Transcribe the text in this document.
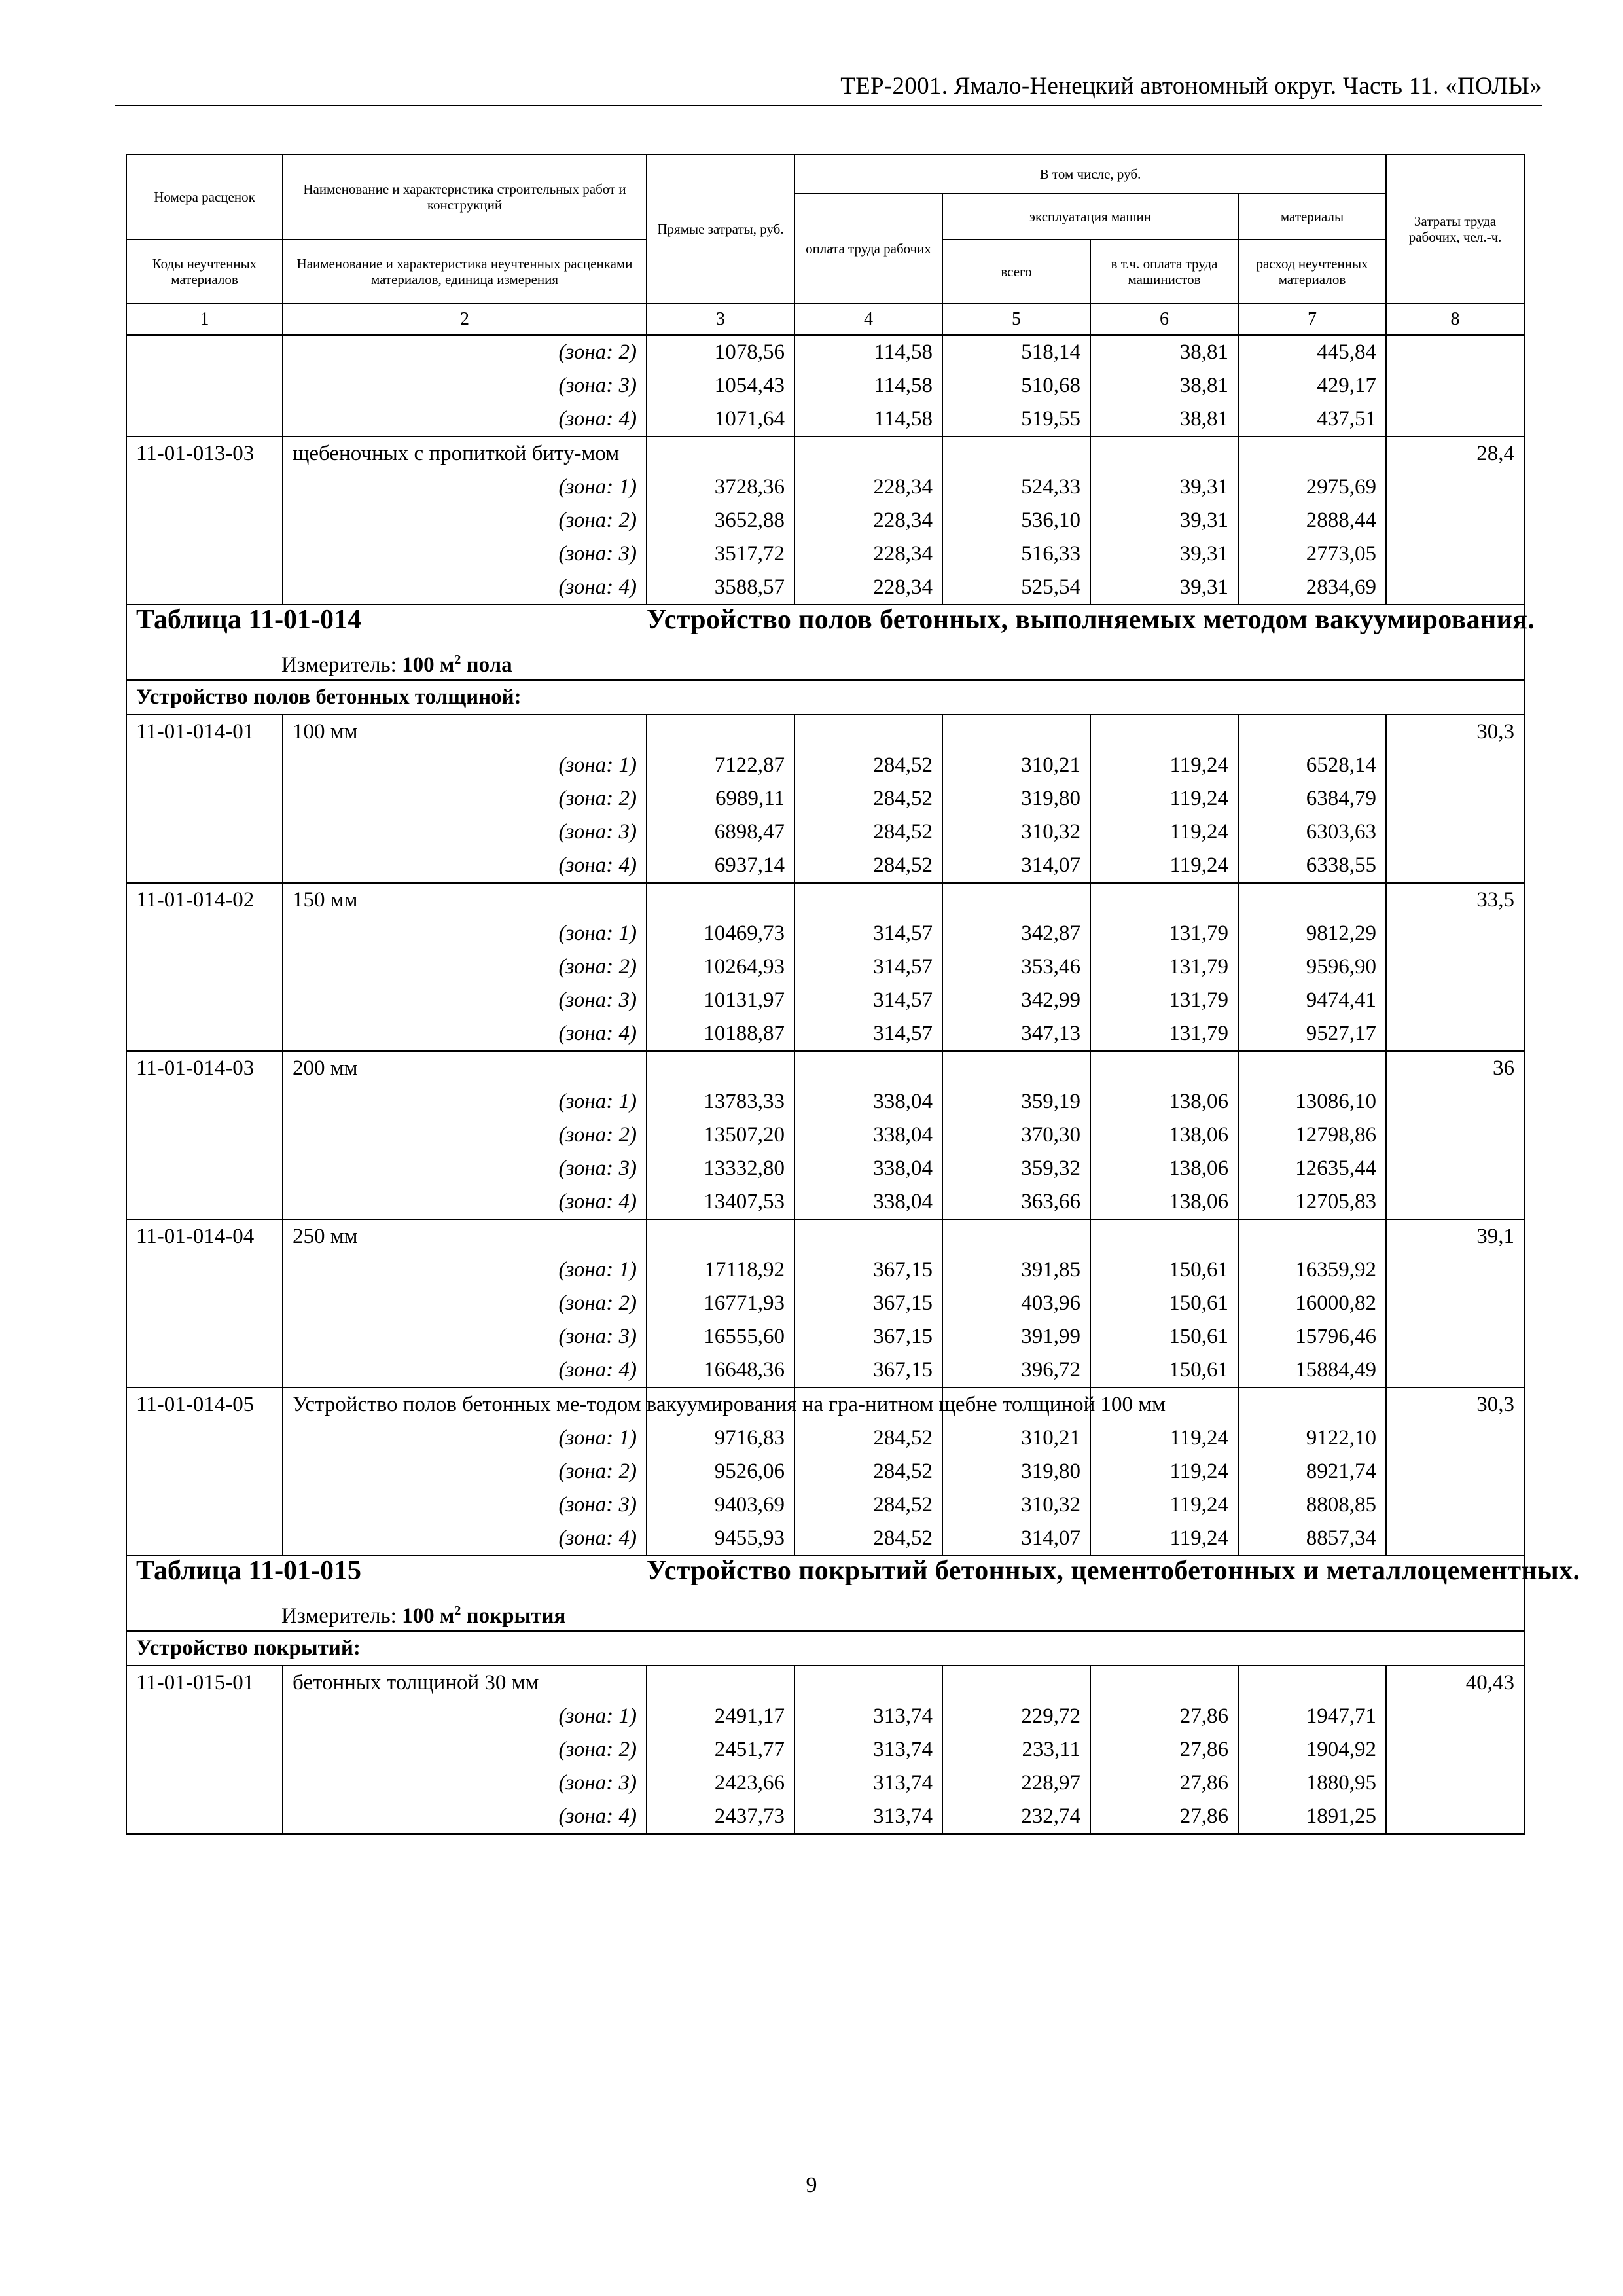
ТЕР-2001. Ямало-Ненецкий автономный округ. Часть 11. «ПОЛЫ»
Номера расценок	Наименование и характеристика строительных работ и конструкций	Прямые затраты, руб.	В том числе, руб.				Затраты труда рабочих, чел.-ч.
			оплата труда рабочих	эксплуатация машин		материалы	
Коды неучтенных материалов	Наименование и характеристика неучтенных расценками материалов, единица измерения			всего	в т.ч. оплата труда машинистов	расход неучтенных материалов	
1	2	3	4	5	6	7	8
	(зона: 2)	1078,56	114,58	518,14	38,81	445,84	
	(зона: 3)	1054,43	114,58	510,68	38,81	429,17	
	(зона: 4)	1071,64	114,58	519,55	38,81	437,51	
11-01-013-03	щебеночных с пропиткой биту-мом						28,4
	(зона: 1)	3728,36	228,34	524,33	39,31	2975,69	
	(зона: 2)	3652,88	228,34	536,10	39,31	2888,44	
	(зона: 3)	3517,72	228,34	516,33	39,31	2773,05	
	(зона: 4)	3588,57	228,34	525,54	39,31	2834,69	

Таблица 11-01-014 Устройство полов бетонных, выполняемых методом вакуумирования.
Измеритель: 100 $м^2$ пола							

Устройство полов бетонных толщиной:							
11-01-014-01	100 мм						30,3
	(зона: 1)	7122,87	284,52	310,21	119,24	6528,14	
	(зона: 2)	6989,11	284,52	319,80	119,24	6384,79	
	(зона: 3)	6898,47	284,52	310,32	119,24	6303,63	
	(зона: 4)	6937,14	284,52	314,07	119,24	6338,55	
11-01-014-02	150 мм						33,5
	(зона: 1)	10469,73	314,57	342,87	131,79	9812,29	
	(зона: 2)	10264,93	314,57	353,46	131,79	9596,90	
	(зона: 3)	10131,97	314,57	342,99	131,79	9474,41	
	(зона: 4)	10188,87	314,57	347,13	131,79	9527,17	
11-01-014-03	200 мм						36
	(зона: 1)	13783,33	338,04	359,19	138,06	13086,10	
	(зона: 2)	13507,20	338,04	370,30	138,06	12798,86	
	(зона: 3)	13332,80	338,04	359,32	138,06	12635,44	
	(зона: 4)	13407,53	338,04	363,66	138,06	12705,83	
11-01-014-04	250 мм						39,1
	(зона: 1)	17118,92	367,15	391,85	150,61	16359,92	
	(зона: 2)	16771,93	367,15	403,96	150,61	16000,82	
	(зона: 3)	16555,60	367,15	391,99	150,61	15796,46	
	(зона: 4)	16648,36	367,15	396,72	150,61	15884,49	
11-01-014-05	Устройство полов бетонных ме-тодом вакуумирования на гра-нитном щебне толщиной 100 мм						30,3
	(зона: 1)	9716,83	284,52	310,21	119,24	9122,10	
	(зона: 2)	9526,06	284,52	319,80	119,24	8921,74	
	(зона: 3)	9403,69	284,52	310,32	119,24	8808,85	
	(зона: 4)	9455,93	284,52	314,07	119,24	8857,34	

Таблица 11-01-015 Устройство покрытий бетонных, цементобетонных и металлоцементных.
Измеритель: 100 $м^2$ покрытия							

Устройство покрытий:							
11-01-015-01	бетонных толщиной 30 мм						40,43
	(зона: 1)	2491,17	313,74	229,72	27,86	1947,71	
	(зона: 2)	2451,77	313,74	233,11	27,86	1904,92	
	(зона: 3)	2423,66	313,74	228,97	27,86	1880,95	
	(зона: 4)	2437,73	313,74	232,74	27,86	1891,25	
9
